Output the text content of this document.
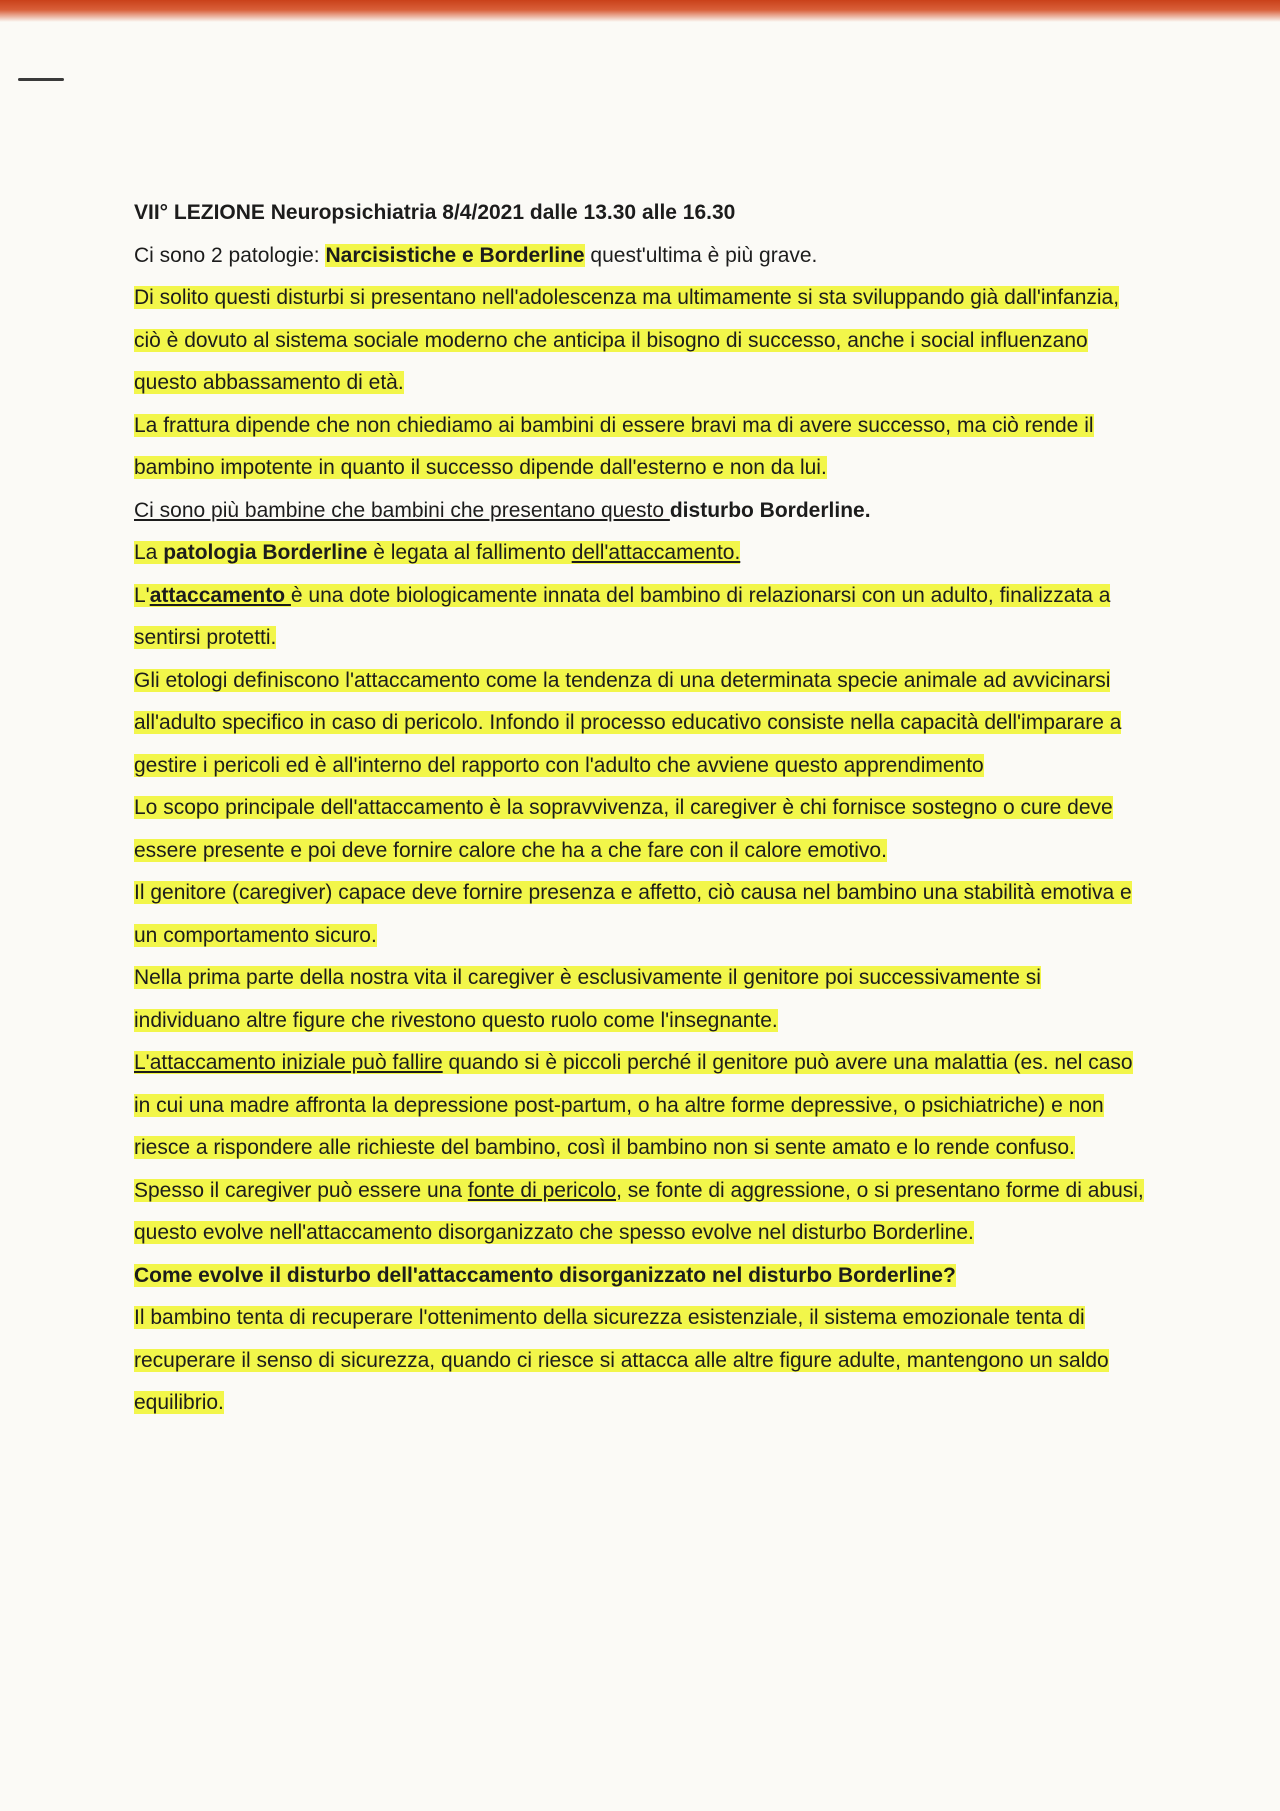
VII° LEZIONE Neuropsichiatria 8/4/2021 dalle 13.30 alle 16.30

Ci sono 2 patologie: Narcisistiche e Borderline quest'ultima è più grave.

Di solito questi disturbi si presentano nell'adolescenza ma ultimamente si sta sviluppando già dall'infanzia, ciò è dovuto al sistema sociale moderno che anticipa il bisogno di successo, anche i social influenzano questo abbassamento di età.

La frattura dipende che non chiediamo ai bambini di essere bravi ma di avere successo, ma ciò rende il bambino impotente in quanto il successo dipende dall'esterno e non da lui.

Ci sono più bambine che bambini che presentano questo disturbo Borderline.

La patologia Borderline è legata al fallimento dell'attaccamento.

L'attaccamento è una dote biologicamente innata del bambino di relazionarsi con un adulto, finalizzata a sentirsi protetti.

Gli etologi definiscono l'attaccamento come la tendenza di una determinata specie animale ad avvicinarsi all'adulto specifico in caso di pericolo. Infondo il processo educativo consiste nella capacità dell'imparare a gestire i pericoli ed è all'interno del rapporto con l'adulto che avviene questo apprendimento

Lo scopo principale dell'attaccamento è la sopravvivenza, il caregiver è chi fornisce sostegno o cure deve essere presente e poi deve fornire calore che ha a che fare con il calore emotivo.

Il genitore (caregiver) capace deve fornire presenza e affetto, ciò causa nel bambino una stabilità emotiva e un comportamento sicuro.

Nella prima parte della nostra vita il caregiver è esclusivamente il genitore poi successivamente si individuano altre figure che rivestono questo ruolo come l'insegnante.

L'attaccamento iniziale può fallire quando si è piccoli perché il genitore può avere una malattia (es. nel caso in cui una madre affronta la depressione post-partum, o ha altre forme depressive, o psichiatriche) e non riesce a rispondere alle richieste del bambino, così il bambino non si sente amato e lo rende confuso.

Spesso il caregiver può essere una fonte di pericolo, se fonte di aggressione, o si presentano forme di abusi, questo evolve nell'attaccamento disorganizzato che spesso evolve nel disturbo Borderline.

Come evolve il disturbo dell'attaccamento disorganizzato nel disturbo Borderline?

Il bambino tenta di recuperare l'ottenimento della sicurezza esistenziale, il sistema emozionale tenta di recuperare il senso di sicurezza, quando ci riesce si attacca alle altre figure adulte, mantengono un saldo equilibrio.
